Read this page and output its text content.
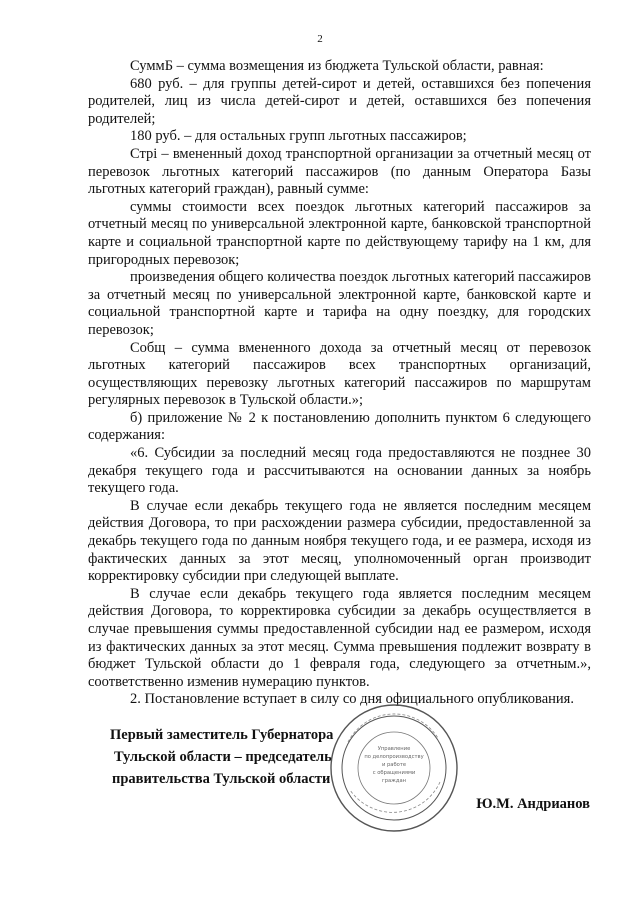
2

СуммБ – сумма возмещения из бюджета Тульской области, равная:

680 руб. – для группы детей-сирот и детей, оставшихся без попечения родителей, лиц из числа детей-сирот и детей, оставшихся без попечения родителей;

180 руб. – для остальных групп льготных пассажиров;

Стрі – вмененный доход транспортной организации за отчетный месяц от перевозок льготных категорий пассажиров (по данным Оператора Базы льготных категорий граждан), равный сумме:

суммы стоимости всех поездок льготных категорий пассажиров за отчетный месяц по универсальной электронной карте, банковской транспортной карте и социальной транспортной карте по действующему тарифу на 1 км, для пригородных перевозок;

произведения общего количества поездок льготных категорий пассажиров за отчетный месяц по универсальной электронной карте, банковской карте и социальной транспортной карте и тарифа на одну поездку, для городских перевозок;

Собщ – сумма вмененного дохода за отчетный месяц от перевозок льготных категорий пассажиров всех транспортных организаций, осуществляющих перевозку льготных категорий пассажиров по маршрутам регулярных перевозок в Тульской области.»;

б) приложение № 2 к постановлению дополнить пунктом 6 следующего содержания:

«6. Субсидии за последний месяц года предоставляются не позднее 30 декабря текущего года и рассчитываются на основании данных за ноябрь текущего года.

В случае если декабрь текущего года не является последним месяцем действия Договора, то при расхождении размера субсидии, предоставленной за декабрь текущего года по данным ноября текущего года, и ее размера, исходя из фактических данных за этот месяц, уполномоченный орган производит корректировку субсидии при следующей выплате.

В случае если декабрь текущего года является последним месяцем действия Договора, то корректировка субсидии за декабрь осуществляется в случае превышения суммы предоставленной субсидии над ее размером, исходя из фактических данных за этот месяц. Сумма превышения подлежит возврату в бюджет Тульской области до 1 февраля года, следующего за отчетным.», соответственно изменив нумерацию пунктов.

2. Постановление вступает в силу со дня официального опубликования.

Первый заместитель Губернатора
Тульской области – председатель
правительства Тульской области
Ю.М. Андрианов
Управление
по делопроизводству
и работе
с обращениями
граждан
